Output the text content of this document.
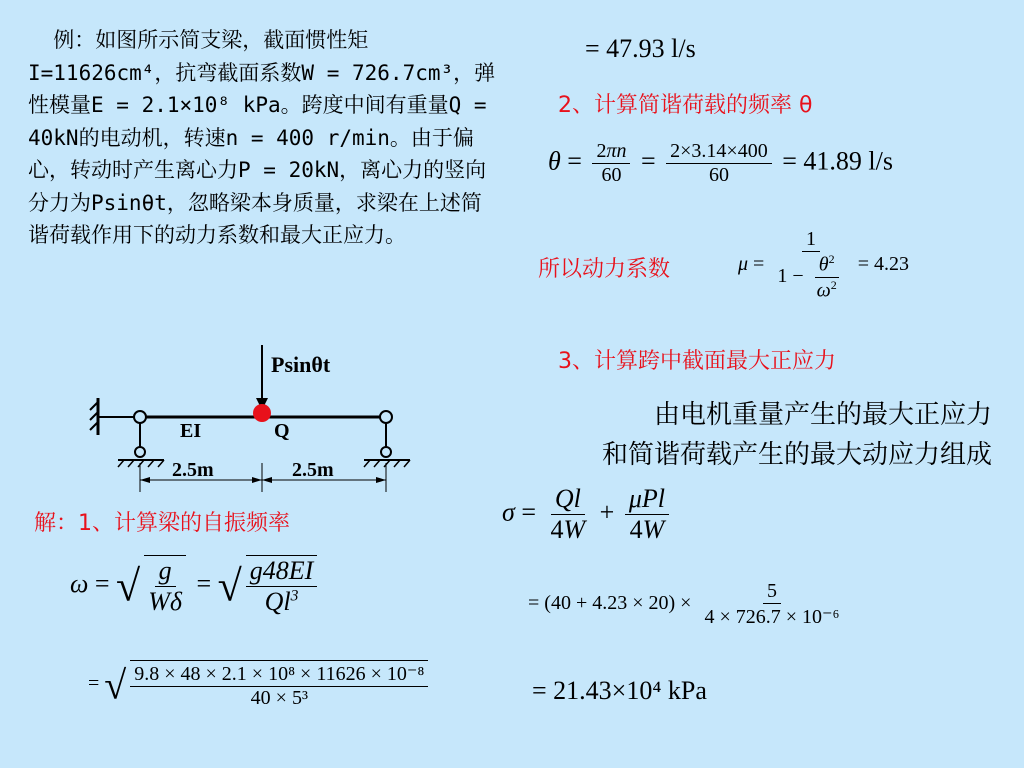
例：如图所示简支梁，截面惯性矩I=11626cm⁴，抗弯截面系数W = 726.7cm³，弹性模量E = 2.1×10⁸ kPa。跨度中间有重量Q = 40kN的电动机，转速n = 400 r/min。由于偏心，转动时产生离心力P = 20kN，离心力的竖向分力为Psinθt，忽略梁本身质量，求梁在上述简谐荷载作用下的动力系数和最大正应力。
Psinθt
EI	Q
2.5m	2.5m
解：1、计算梁的自振频率
ω = √ $\frac{g}{W\delta}$ = √ $\frac{g48EI}{Ql^3}$
= √ $\frac{\text{9.8 × 48 × 2.1 × 10⁸ × 11626 × 10⁻⁸}}{\text{40 × 5³}}$
= 47.93 l/s
2、计算简谐荷载的频率 θ
$\theta = \frac{2\pi n}{60} = \frac{2\times 3.14\times 400}{60} = 41.89$ l/s
所以动力系数	$\mu = \frac{1}{1 - \frac{\theta^2}{\omega^2}} = 4.23$
3、计算跨中截面最大正应力
由电机重量产生的最大正应力
和简谐荷载产生的最大动应力组成
$\sigma = \frac{Ql}{4W} + \frac{\text{μPl}}{4W}$
= $(40 + 4.23 \times 20) \times \frac{5}{\text{4 × 726.7 × 10⁻⁶}}$
= 21.43×10⁴ kPa
